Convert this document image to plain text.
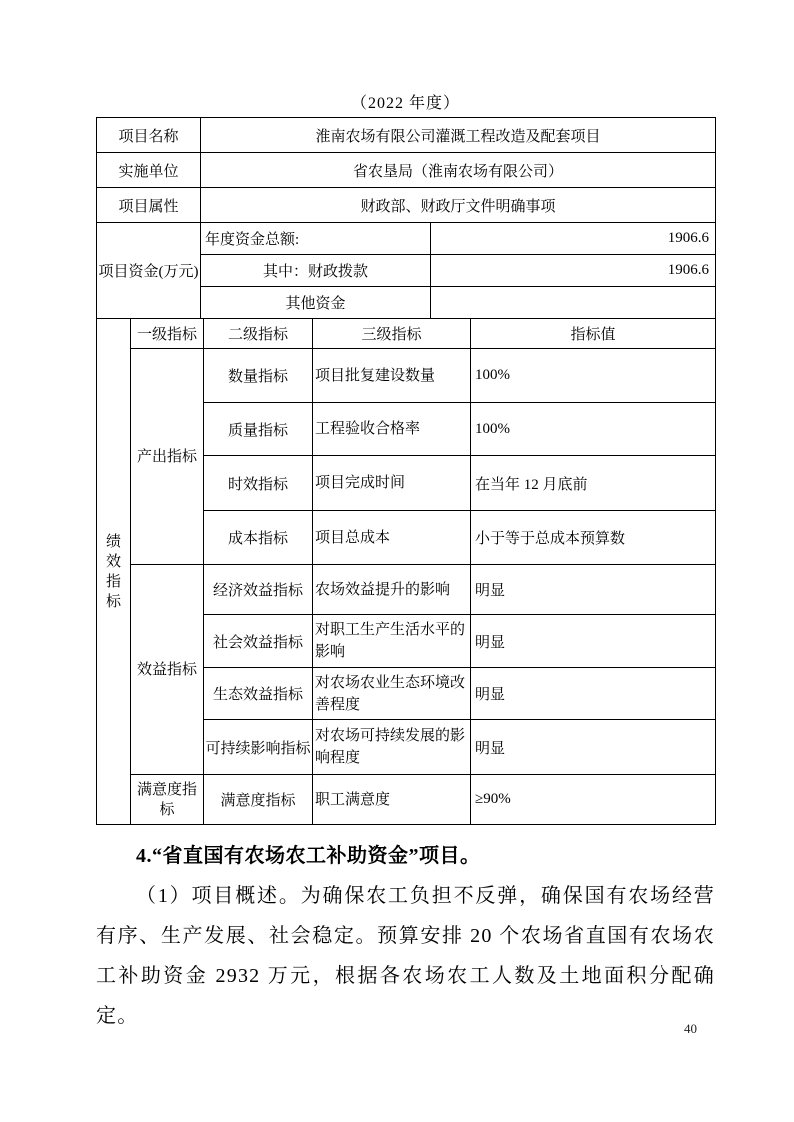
（2022 年度）
项目名称	淮南农场有限公司灌溉工程改造及配套项目
实施单位	省农垦局（淮南农场有限公司）
项目属性	财政部、财政厅文件明确事项
项目资金(万元)	年度资金总额:	1906.6
	其中：财政拨款	1906.6
	其他资金	
绩效指标	一级指标	二级指标	三级指标	指标值
	产出指标	数量指标	项目批复建设数量	100%
		质量指标	工程验收合格率	100%
		时效指标	项目完成时间	在当年 12 月底前
		成本指标	项目总成本	小于等于总成本预算数
	效益指标	经济效益指标	农场效益提升的影响	明显
		社会效益指标	对职工生产生活水平的影响	明显
		生态效益指标	对农场农业生态环境改善程度	明显
		可持续影响指标	对农场可持续发展的影响程度	明显
	满意度指标	满意度指标	职工满意度	≥90%
4.“省直国有农场农工补助资金”项目。
（1）项目概述。为确保农工负担不反弹，确保国有农场经营有序、生产发展、社会稳定。预算安排 20 个农场省直国有农场农工补助资金 2932 万元，根据各农场农工人数及土地面积分配确定。
40
